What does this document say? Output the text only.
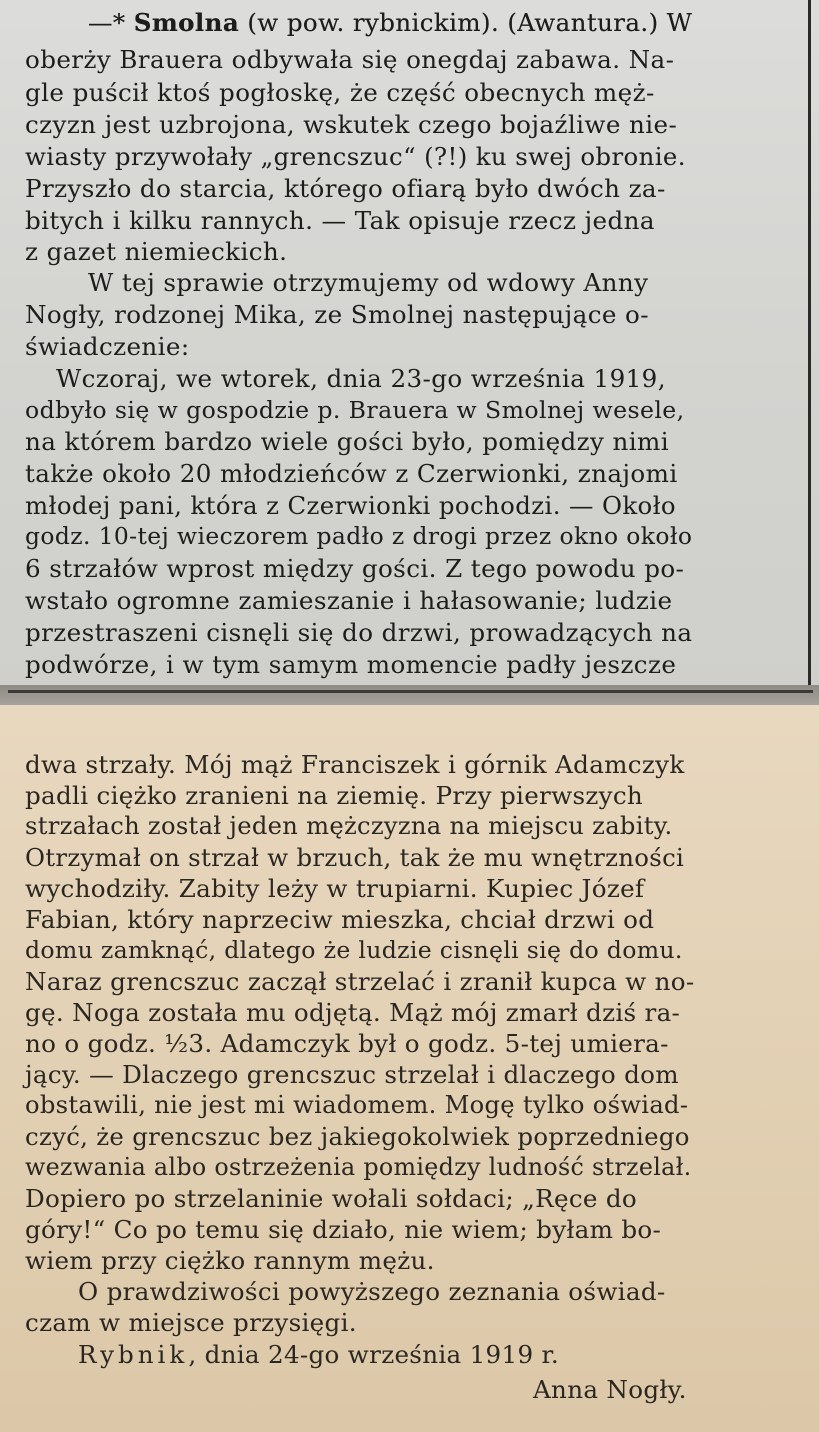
—* Smolna (w pow. rybnickim). (Awantura.) W
oberży Brauera odbywała się onegdaj zabawa. Na-
gle puścił ktoś pogłoskę, że część obecnych męż-
czyzn jest uzbrojona, wskutek czego bojaźliwe nie-
wiasty przywołały „grencszuc“ (?!) ku swej obronie.
Przyszło do starcia, którego ofiarą było dwóch za-
bitych i kilku rannych. — Tak opisuje rzecz jedna
z gazet niemieckich.
W tej sprawie otrzymujemy od wdowy Anny
Nogły, rodzonej Mika, ze Smolnej następujące o-
świadczenie:
Wczoraj, we wtorek, dnia 23-go września 1919,
odbyło się w gospodzie p. Brauera w Smolnej wesele,
na którem bardzo wiele gości było, pomiędzy nimi
także około 20 młodzieńców z Czerwionki, znajomi
młodej pani, która z Czerwionki pochodzi. — Około
godz. 10-tej wieczorem padło z drogi przez okno około
6 strzałów wprost między gości. Z tego powodu po-
wstało ogromne zamieszanie i hałasowanie; ludzie
przestraszeni cisnęli się do drzwi, prowadzących na
podwórze, i w tym samym momencie padły jeszcze
dwa strzały. Mój mąż Franciszek i górnik Adamczyk
padli ciężko zranieni na ziemię. Przy pierwszych
strzałach został jeden mężczyzna na miejscu zabity.
Otrzymał on strzał w brzuch, tak że mu wnętrzności
wychodziły. Zabity leży w trupiarni. Kupiec Józef
Fabian, który naprzeciw mieszka, chciał drzwi od
domu zamknąć, dlatego że ludzie cisnęli się do domu.
Naraz grencszuc zaczął strzelać i zranił kupca w no-
gę. Noga została mu odjętą. Mąż mój zmarł dziś ra-
no o godz. ½3. Adamczyk był o godz. 5-tej umiera-
jący. — Dlaczego grencszuc strzelał i dlaczego dom
obstawili, nie jest mi wiadomem. Mogę tylko oświad-
czyć, że grencszuc bez jakiegokolwiek poprzedniego
wezwania albo ostrzeżenia pomiędzy ludność strzelał.
Dopiero po strzelaninie wołali sołdaci; „Ręce do
góry!“ Co po temu się działo, nie wiem; byłam bo-
wiem przy ciężko rannym mężu.
O prawdziwości powyższego zeznania oświad-
czam w miejsce przysięgi.
Rybnik, dnia 24-go września 1919 r.
Anna Nogły.
